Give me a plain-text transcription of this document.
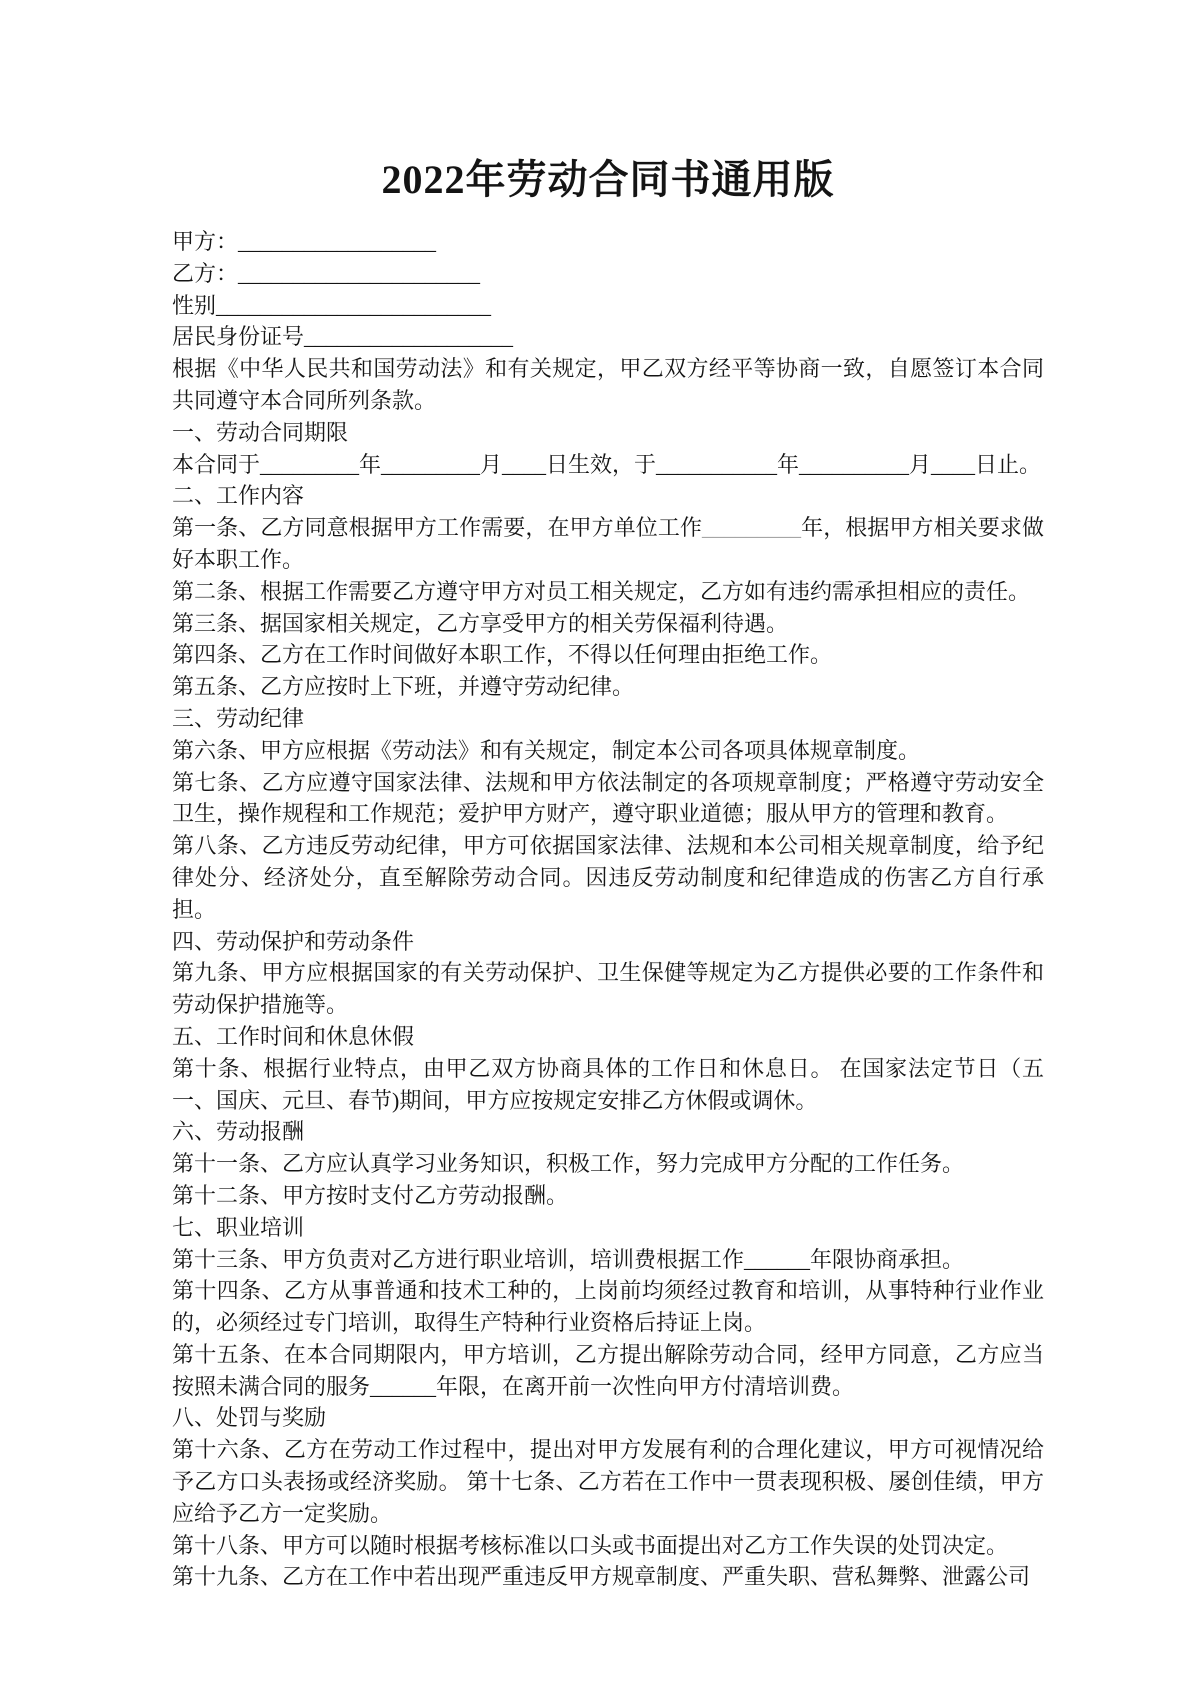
2022年劳动合同书通用版

甲方：__________________

乙方：______________________

性别_________________________

居民身份证号___________________

根据《中华人民共和国劳动法》和有关规定，甲乙双方经平等协商一致，自愿签订本合同共同遵守本合同所列条款。

一、劳动合同期限

本合同于_________年_________月____日生效，于___________年__________月____日止。

二、工作内容

第一条、乙方同意根据甲方工作需要，在甲方单位工作_________年，根据甲方相关要求做好本职工作。

第二条、根据工作需要乙方遵守甲方对员工相关规定，乙方如有违约需承担相应的责任。

第三条、据国家相关规定，乙方享受甲方的相关劳保福利待遇。

第四条、乙方在工作时间做好本职工作，不得以任何理由拒绝工作。

第五条、乙方应按时上下班，并遵守劳动纪律。

三、劳动纪律

第六条、甲方应根据《劳动法》和有关规定，制定本公司各项具体规章制度。

第七条、乙方应遵守国家法律、法规和甲方依法制定的各项规章制度；严格遵守劳动安全卫生，操作规程和工作规范；爱护甲方财产，遵守职业道德；服从甲方的管理和教育。

第八条、乙方违反劳动纪律，甲方可依据国家法律、法规和本公司相关规章制度，给予纪律处分、经济处分，直至解除劳动合同。因违反劳动制度和纪律造成的伤害乙方自行承担。

四、劳动保护和劳动条件

第九条、甲方应根据国家的有关劳动保护、卫生保健等规定为乙方提供必要的工作条件和劳动保护措施等。

五、工作时间和休息休假

第十条、根据行业特点，由甲乙双方协商具体的工作日和休息日。 在国家法定节日（五一、国庆、元旦、春节)期间，甲方应按规定安排乙方休假或调休。

六、劳动报酬

第十一条、乙方应认真学习业务知识，积极工作，努力完成甲方分配的工作任务。

第十二条、甲方按时支付乙方劳动报酬。

七、职业培训

第十三条、甲方负责对乙方进行职业培训，培训费根据工作______年限协商承担。

第十四条、乙方从事普通和技术工种的，上岗前均须经过教育和培训，从事特种行业作业的，必须经过专门培训，取得生产特种行业资格后持证上岗。

第十五条、在本合同期限内，甲方培训，乙方提出解除劳动合同，经甲方同意，乙方应当按照未满合同的服务______年限，在离开前一次性向甲方付清培训费。

八、处罚与奖励

第十六条、乙方在劳动工作过程中，提出对甲方发展有利的合理化建议，甲方可视情况给予乙方口头表扬或经济奖励。 第十七条、乙方若在工作中一贯表现积极、屡创佳绩，甲方应给予乙方一定奖励。

第十八条、甲方可以随时根据考核标准以口头或书面提出对乙方工作失误的处罚决定。

第十九条、乙方在工作中若出现严重违反甲方规章制度、严重失职、营私舞弊、泄露公司
